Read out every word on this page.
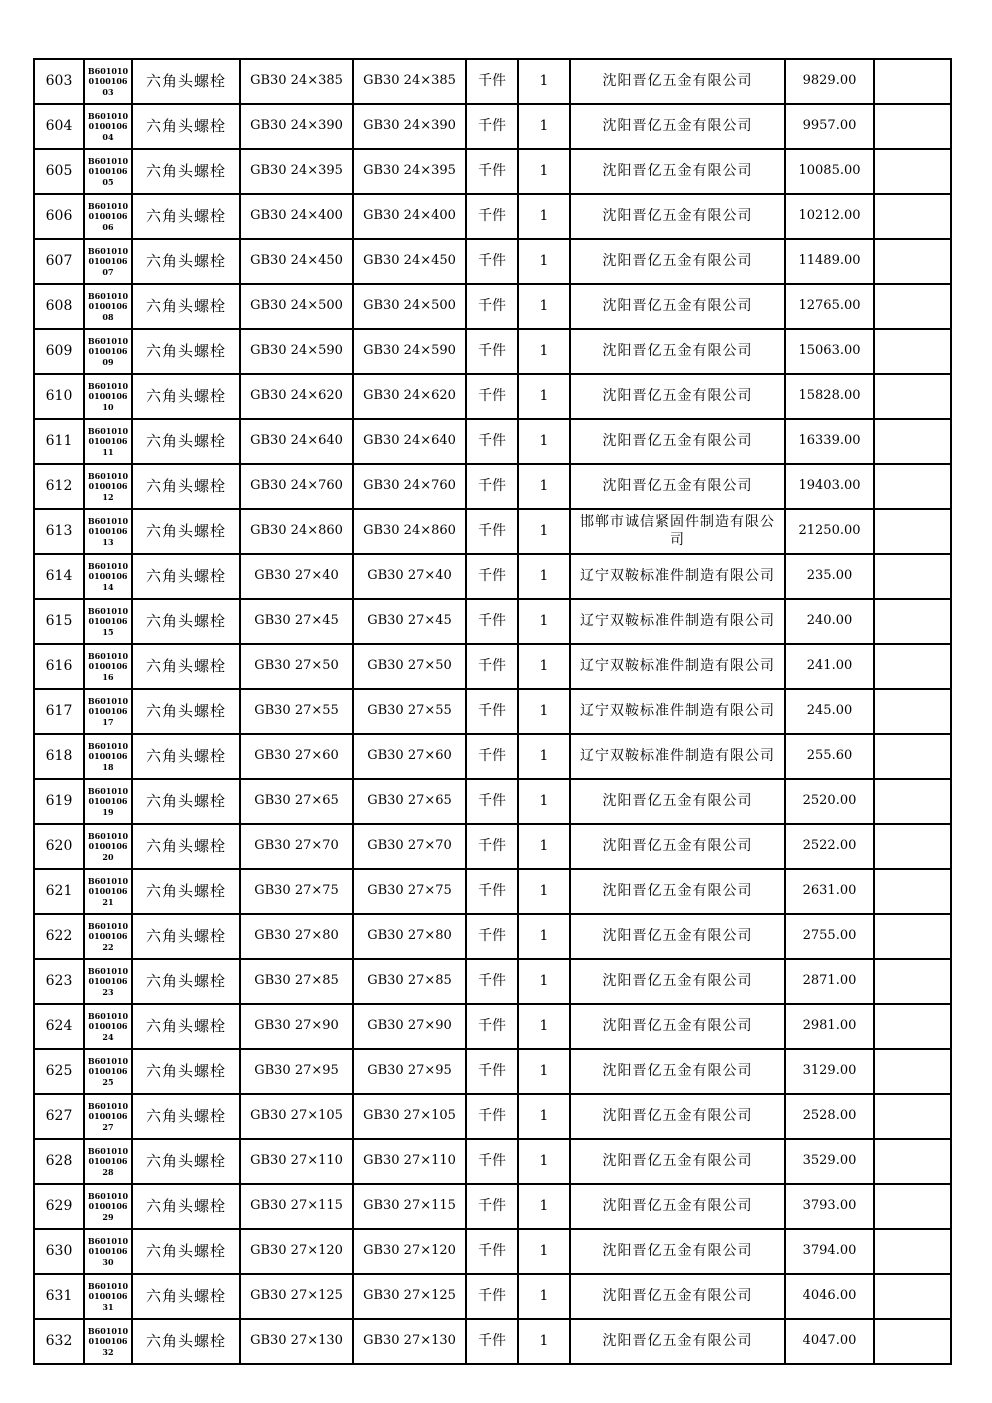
603	B601010010010603	六角头螺栓	GB30 24×385	GB30 24×385	千件	1	沈阳晋亿五金有限公司	9829.00	
604	B601010010010604	六角头螺栓	GB30 24×390	GB30 24×390	千件	1	沈阳晋亿五金有限公司	9957.00	
605	B601010010010605	六角头螺栓	GB30 24×395	GB30 24×395	千件	1	沈阳晋亿五金有限公司	10085.00	
606	B601010010010606	六角头螺栓	GB30 24×400	GB30 24×400	千件	1	沈阳晋亿五金有限公司	10212.00	
607	B601010010010607	六角头螺栓	GB30 24×450	GB30 24×450	千件	1	沈阳晋亿五金有限公司	11489.00	
608	B601010010010608	六角头螺栓	GB30 24×500	GB30 24×500	千件	1	沈阳晋亿五金有限公司	12765.00	
609	B601010010010609	六角头螺栓	GB30 24×590	GB30 24×590	千件	1	沈阳晋亿五金有限公司	15063.00	
610	B601010010010610	六角头螺栓	GB30 24×620	GB30 24×620	千件	1	沈阳晋亿五金有限公司	15828.00	
611	B601010010010611	六角头螺栓	GB30 24×640	GB30 24×640	千件	1	沈阳晋亿五金有限公司	16339.00	
612	B601010010010612	六角头螺栓	GB30 24×760	GB30 24×760	千件	1	沈阳晋亿五金有限公司	19403.00	
613	B601010010010613	六角头螺栓	GB30 24×860	GB30 24×860	千件	1	邯郸市诚信紧固件制造有限公司	21250.00	
614	B601010010010614	六角头螺栓	GB30 27×40	GB30 27×40	千件	1	辽宁双鞍标准件制造有限公司	235.00	
615	B601010010010615	六角头螺栓	GB30 27×45	GB30 27×45	千件	1	辽宁双鞍标准件制造有限公司	240.00	
616	B601010010010616	六角头螺栓	GB30 27×50	GB30 27×50	千件	1	辽宁双鞍标准件制造有限公司	241.00	
617	B601010010010617	六角头螺栓	GB30 27×55	GB30 27×55	千件	1	辽宁双鞍标准件制造有限公司	245.00	
618	B601010010010618	六角头螺栓	GB30 27×60	GB30 27×60	千件	1	辽宁双鞍标准件制造有限公司	255.60	
619	B601010010010619	六角头螺栓	GB30 27×65	GB30 27×65	千件	1	沈阳晋亿五金有限公司	2520.00	
620	B601010010010620	六角头螺栓	GB30 27×70	GB30 27×70	千件	1	沈阳晋亿五金有限公司	2522.00	
621	B601010010010621	六角头螺栓	GB30 27×75	GB30 27×75	千件	1	沈阳晋亿五金有限公司	2631.00	
622	B601010010010622	六角头螺栓	GB30 27×80	GB30 27×80	千件	1	沈阳晋亿五金有限公司	2755.00	
623	B601010010010623	六角头螺栓	GB30 27×85	GB30 27×85	千件	1	沈阳晋亿五金有限公司	2871.00	
624	B601010010010624	六角头螺栓	GB30 27×90	GB30 27×90	千件	1	沈阳晋亿五金有限公司	2981.00	
625	B601010010010625	六角头螺栓	GB30 27×95	GB30 27×95	千件	1	沈阳晋亿五金有限公司	3129.00	
627	B601010010010627	六角头螺栓	GB30 27×105	GB30 27×105	千件	1	沈阳晋亿五金有限公司	2528.00	
628	B601010010010628	六角头螺栓	GB30 27×110	GB30 27×110	千件	1	沈阳晋亿五金有限公司	3529.00	
629	B601010010010629	六角头螺栓	GB30 27×115	GB30 27×115	千件	1	沈阳晋亿五金有限公司	3793.00	
630	B601010010010630	六角头螺栓	GB30 27×120	GB30 27×120	千件	1	沈阳晋亿五金有限公司	3794.00	
631	B601010010010631	六角头螺栓	GB30 27×125	GB30 27×125	千件	1	沈阳晋亿五金有限公司	4046.00	
632	B601010010010632	六角头螺栓	GB30 27×130	GB30 27×130	千件	1	沈阳晋亿五金有限公司	4047.00	
